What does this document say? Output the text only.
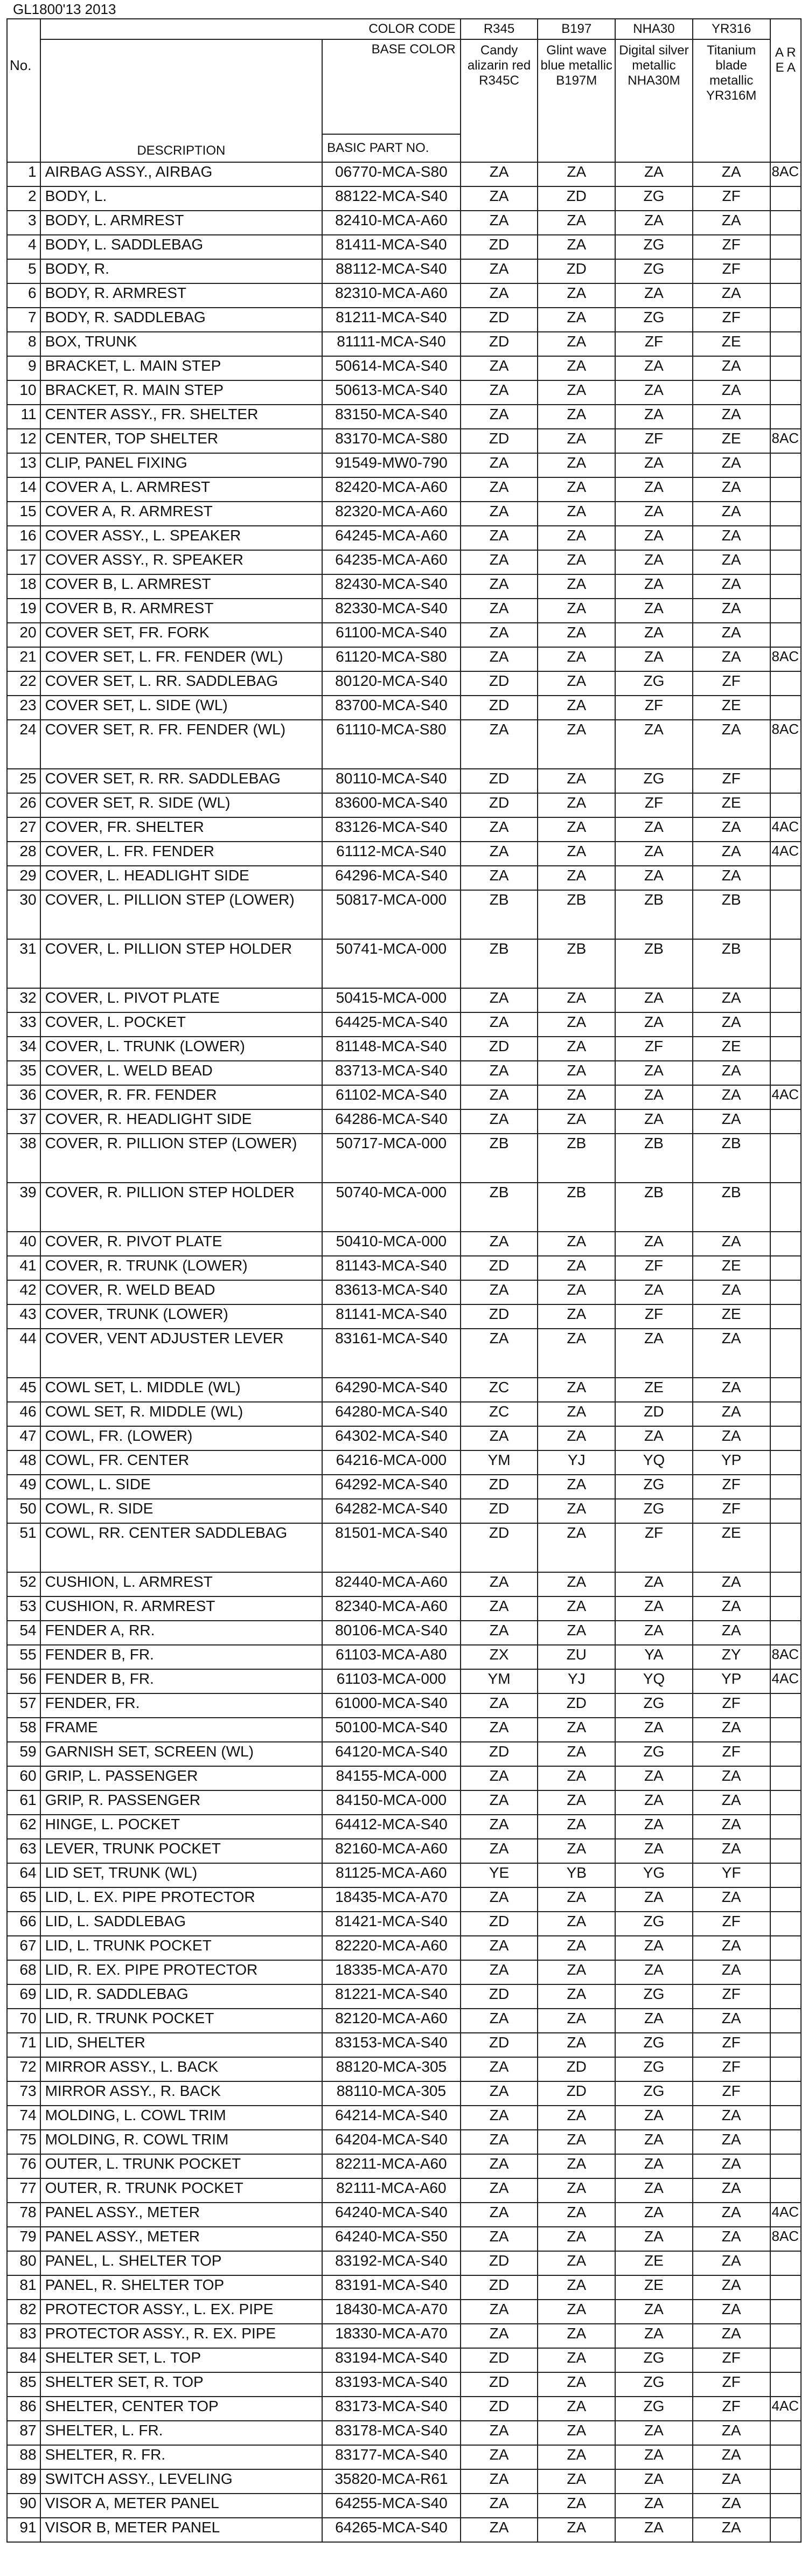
GL1800'13 2013
No.	COLOR CODE		R345	B197	NHA30	YR316	A R E A
	DESCRIPTION	BASE COLOR	Candy alizarin red R345C	Glint wave blue metallic B197M	Digital silver metallic NHA30M	Titanium blade metallic YR316M	
		BASIC PART NO.					
1	AIRBAG ASSY., AIRBAG	06770-MCA-S80	ZA	ZA	ZA	ZA	8AC
2	BODY, L.	88122-MCA-S40	ZA	ZD	ZG	ZF	
3	BODY, L. ARMREST	82410-MCA-A60	ZA	ZA	ZA	ZA	
4	BODY, L. SADDLEBAG	81411-MCA-S40	ZD	ZA	ZG	ZF	
5	BODY, R.	88112-MCA-S40	ZA	ZD	ZG	ZF	
6	BODY, R. ARMREST	82310-MCA-A60	ZA	ZA	ZA	ZA	
7	BODY, R. SADDLEBAG	81211-MCA-S40	ZD	ZA	ZG	ZF	
8	BOX, TRUNK	81111-MCA-S40	ZD	ZA	ZF	ZE	
9	BRACKET, L. MAIN STEP	50614-MCA-S40	ZA	ZA	ZA	ZA	
10	BRACKET, R. MAIN STEP	50613-MCA-S40	ZA	ZA	ZA	ZA	
11	CENTER ASSY., FR. SHELTER	83150-MCA-S40	ZA	ZA	ZA	ZA	
12	CENTER, TOP SHELTER	83170-MCA-S80	ZD	ZA	ZF	ZE	8AC
13	CLIP, PANEL FIXING	91549-MW0-790	ZA	ZA	ZA	ZA	
14	COVER A, L. ARMREST	82420-MCA-A60	ZA	ZA	ZA	ZA	
15	COVER A, R. ARMREST	82320-MCA-A60	ZA	ZA	ZA	ZA	
16	COVER ASSY., L. SPEAKER	64245-MCA-A60	ZA	ZA	ZA	ZA	
17	COVER ASSY., R. SPEAKER	64235-MCA-A60	ZA	ZA	ZA	ZA	
18	COVER B, L. ARMREST	82430-MCA-S40	ZA	ZA	ZA	ZA	
19	COVER B, R. ARMREST	82330-MCA-S40	ZA	ZA	ZA	ZA	
20	COVER SET, FR. FORK	61100-MCA-S40	ZA	ZA	ZA	ZA	
21	COVER SET, L. FR. FENDER (WL)	61120-MCA-S80	ZA	ZA	ZA	ZA	8AC
22	COVER SET, L. RR. SADDLEBAG	80120-MCA-S40	ZD	ZA	ZG	ZF	
23	COVER SET, L. SIDE (WL)	83700-MCA-S40	ZD	ZA	ZF	ZE	
24	COVER SET, R. FR. FENDER (WL)	61110-MCA-S80	ZA	ZA	ZA	ZA	8AC
25	COVER SET, R. RR. SADDLEBAG	80110-MCA-S40	ZD	ZA	ZG	ZF	
26	COVER SET, R. SIDE (WL)	83600-MCA-S40	ZD	ZA	ZF	ZE	
27	COVER, FR. SHELTER	83126-MCA-S40	ZA	ZA	ZA	ZA	4AC
28	COVER, L. FR. FENDER	61112-MCA-S40	ZA	ZA	ZA	ZA	4AC
29	COVER, L. HEADLIGHT SIDE	64296-MCA-S40	ZA	ZA	ZA	ZA	
30	COVER, L. PILLION STEP (LOWER)	50817-MCA-000	ZB	ZB	ZB	ZB	
31	COVER, L. PILLION STEP HOLDER	50741-MCA-000	ZB	ZB	ZB	ZB	
32	COVER, L. PIVOT PLATE	50415-MCA-000	ZA	ZA	ZA	ZA	
33	COVER, L. POCKET	64425-MCA-S40	ZA	ZA	ZA	ZA	
34	COVER, L. TRUNK (LOWER)	81148-MCA-S40	ZD	ZA	ZF	ZE	
35	COVER, L. WELD BEAD	83713-MCA-S40	ZA	ZA	ZA	ZA	
36	COVER, R. FR. FENDER	61102-MCA-S40	ZA	ZA	ZA	ZA	4AC
37	COVER, R. HEADLIGHT SIDE	64286-MCA-S40	ZA	ZA	ZA	ZA	
38	COVER, R. PILLION STEP (LOWER)	50717-MCA-000	ZB	ZB	ZB	ZB	
39	COVER, R. PILLION STEP HOLDER	50740-MCA-000	ZB	ZB	ZB	ZB	
40	COVER, R. PIVOT PLATE	50410-MCA-000	ZA	ZA	ZA	ZA	
41	COVER, R. TRUNK (LOWER)	81143-MCA-S40	ZD	ZA	ZF	ZE	
42	COVER, R. WELD BEAD	83613-MCA-S40	ZA	ZA	ZA	ZA	
43	COVER, TRUNK (LOWER)	81141-MCA-S40	ZD	ZA	ZF	ZE	
44	COVER, VENT ADJUSTER LEVER	83161-MCA-S40	ZA	ZA	ZA	ZA	
45	COWL SET, L. MIDDLE (WL)	64290-MCA-S40	ZC	ZA	ZE	ZA	
46	COWL SET, R. MIDDLE (WL)	64280-MCA-S40	ZC	ZA	ZD	ZA	
47	COWL, FR. (LOWER)	64302-MCA-S40	ZA	ZA	ZA	ZA	
48	COWL, FR. CENTER	64216-MCA-000	YM	YJ	YQ	YP	
49	COWL, L. SIDE	64292-MCA-S40	ZD	ZA	ZG	ZF	
50	COWL, R. SIDE	64282-MCA-S40	ZD	ZA	ZG	ZF	
51	COWL, RR. CENTER SADDLEBAG	81501-MCA-S40	ZD	ZA	ZF	ZE	
52	CUSHION, L. ARMREST	82440-MCA-A60	ZA	ZA	ZA	ZA	
53	CUSHION, R. ARMREST	82340-MCA-A60	ZA	ZA	ZA	ZA	
54	FENDER A, RR.	80106-MCA-S40	ZA	ZA	ZA	ZA	
55	FENDER B, FR.	61103-MCA-A80	ZX	ZU	YA	ZY	8AC
56	FENDER B, FR.	61103-MCA-000	YM	YJ	YQ	YP	4AC
57	FENDER, FR.	61000-MCA-S40	ZA	ZD	ZG	ZF	
58	FRAME	50100-MCA-S40	ZA	ZA	ZA	ZA	
59	GARNISH SET, SCREEN (WL)	64120-MCA-S40	ZD	ZA	ZG	ZF	
60	GRIP, L. PASSENGER	84155-MCA-000	ZA	ZA	ZA	ZA	
61	GRIP, R. PASSENGER	84150-MCA-000	ZA	ZA	ZA	ZA	
62	HINGE, L. POCKET	64412-MCA-S40	ZA	ZA	ZA	ZA	
63	LEVER, TRUNK POCKET	82160-MCA-A60	ZA	ZA	ZA	ZA	
64	LID SET, TRUNK (WL)	81125-MCA-A60	YE	YB	YG	YF	
65	LID, L. EX. PIPE PROTECTOR	18435-MCA-A70	ZA	ZA	ZA	ZA	
66	LID, L. SADDLEBAG	81421-MCA-S40	ZD	ZA	ZG	ZF	
67	LID, L. TRUNK POCKET	82220-MCA-A60	ZA	ZA	ZA	ZA	
68	LID, R. EX. PIPE PROTECTOR	18335-MCA-A70	ZA	ZA	ZA	ZA	
69	LID, R. SADDLEBAG	81221-MCA-S40	ZD	ZA	ZG	ZF	
70	LID, R. TRUNK POCKET	82120-MCA-A60	ZA	ZA	ZA	ZA	
71	LID, SHELTER	83153-MCA-S40	ZD	ZA	ZG	ZF	
72	MIRROR ASSY., L. BACK	88120-MCA-305	ZA	ZD	ZG	ZF	
73	MIRROR ASSY., R. BACK	88110-MCA-305	ZA	ZD	ZG	ZF	
74	MOLDING, L. COWL TRIM	64214-MCA-S40	ZA	ZA	ZA	ZA	
75	MOLDING, R. COWL TRIM	64204-MCA-S40	ZA	ZA	ZA	ZA	
76	OUTER, L. TRUNK POCKET	82211-MCA-A60	ZA	ZA	ZA	ZA	
77	OUTER, R. TRUNK POCKET	82111-MCA-A60	ZA	ZA	ZA	ZA	
78	PANEL ASSY., METER	64240-MCA-S40	ZA	ZA	ZA	ZA	4AC
79	PANEL ASSY., METER	64240-MCA-S50	ZA	ZA	ZA	ZA	8AC
80	PANEL, L. SHELTER TOP	83192-MCA-S40	ZD	ZA	ZE	ZA	
81	PANEL, R. SHELTER TOP	83191-MCA-S40	ZD	ZA	ZE	ZA	
82	PROTECTOR ASSY., L. EX. PIPE	18430-MCA-A70	ZA	ZA	ZA	ZA	
83	PROTECTOR ASSY., R. EX. PIPE	18330-MCA-A70	ZA	ZA	ZA	ZA	
84	SHELTER SET, L. TOP	83194-MCA-S40	ZD	ZA	ZG	ZF	
85	SHELTER SET, R. TOP	83193-MCA-S40	ZD	ZA	ZG	ZF	
86	SHELTER, CENTER TOP	83173-MCA-S40	ZD	ZA	ZG	ZF	4AC
87	SHELTER, L. FR.	83178-MCA-S40	ZA	ZA	ZA	ZA	
88	SHELTER, R. FR.	83177-MCA-S40	ZA	ZA	ZA	ZA	
89	SWITCH ASSY., LEVELING	35820-MCA-R61	ZA	ZA	ZA	ZA	
90	VISOR A, METER PANEL	64255-MCA-S40	ZA	ZA	ZA	ZA	
91	VISOR B, METER PANEL	64265-MCA-S40	ZA	ZA	ZA	ZA	
